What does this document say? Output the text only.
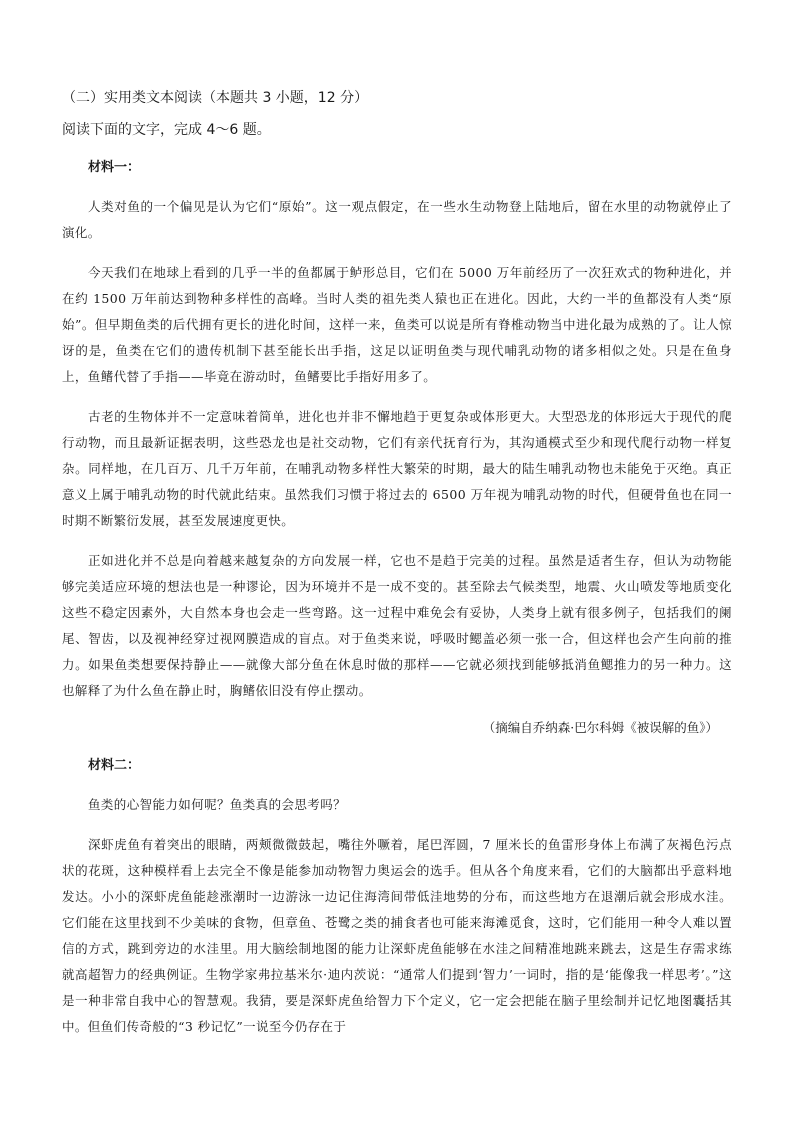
（二）实用类文本阅读（本题共 3 小题，12 分）

阅读下面的文字，完成 4～6 题。

材料一：

人类对鱼的一个偏见是认为它们“原始”。这一观点假定，在一些水生动物登上陆地后，留在水里的动物就停止了演化。

今天我们在地球上看到的几乎一半的鱼都属于鲈形总目，它们在 5000 万年前经历了一次狂欢式的物种进化，并在约 1500 万年前达到物种多样性的高峰。当时人类的祖先类人猿也正在进化。因此，大约一半的鱼都没有人类“原始”。但早期鱼类的后代拥有更长的进化时间，这样一来，鱼类可以说是所有脊椎动物当中进化最为成熟的了。让人惊讶的是，鱼类在它们的遗传机制下甚至能长出手指，这足以证明鱼类与现代哺乳动物的诸多相似之处。只是在鱼身上，鱼鳍代替了手指——毕竟在游动时，鱼鳍要比手指好用多了。

古老的生物体并不一定意味着简单，进化也并非不懈地趋于更复杂或体形更大。大型恐龙的体形远大于现代的爬行动物，而且最新证据表明，这些恐龙也是社交动物，它们有亲代抚育行为，其沟通模式至少和现代爬行动物一样复杂。同样地，在几百万、几千万年前，在哺乳动物多样性大繁荣的时期，最大的陆生哺乳动物也未能免于灭绝。真正意义上属于哺乳动物的时代就此结束。虽然我们习惯于将过去的 6500 万年视为哺乳动物的时代，但硬骨鱼也在同一时期不断繁衍发展，甚至发展速度更快。

正如进化并不总是向着越来越复杂的方向发展一样，它也不是趋于完美的过程。虽然是适者生存，但认为动物能够完美适应环境的想法也是一种谬论，因为环境并不是一成不变的。甚至除去气候类型，地震、火山喷发等地质变化这些不稳定因素外，大自然本身也会走一些弯路。这一过程中难免会有妥协，人类身上就有很多例子，包括我们的阑尾、智齿，以及视神经穿过视网膜造成的盲点。对于鱼类来说，呼吸时鳃盖必须一张一合，但这样也会产生向前的推力。如果鱼类想要保持静止——就像大部分鱼在休息时做的那样——它就必须找到能够抵消鱼鳃推力的另一种力。这也解释了为什么鱼在静止时，胸鳍依旧没有停止摆动。

（摘编自乔纳森·巴尔科姆《被误解的鱼》）

材料二：

鱼类的心智能力如何呢？鱼类真的会思考吗？

深虾虎鱼有着突出的眼睛，两颊微微鼓起，嘴往外噘着，尾巴浑圆，7 厘米长的鱼雷形身体上布满了灰褐色污点状的花斑，这种模样看上去完全不像是能参加动物智力奥运会的选手。但从各个角度来看，它们的大脑都出乎意料地发达。小小的深虾虎鱼能趁涨潮时一边游泳一边记住海湾间带低洼地势的分布，而这些地方在退潮后就会形成水洼。它们能在这里找到不少美味的食物，但章鱼、苍鹭之类的捕食者也可能来海滩觅食，这时，它们能用一种令人难以置信的方式，跳到旁边的水洼里。用大脑绘制地图的能力让深虾虎鱼能够在水洼之间精准地跳来跳去，这是生存需求练就高超智力的经典例证。生物学家弗拉基米尔·迪内茨说：“通常人们提到‘智力’一词时，指的是‘能像我一样思考’。”这是一种非常自我中心的智慧观。我猜，要是深虾虎鱼给智力下个定义，它一定会把能在脑子里绘制并记忆地图囊括其中。但鱼们传奇般的“3 秒记忆”一说至今仍存在于
